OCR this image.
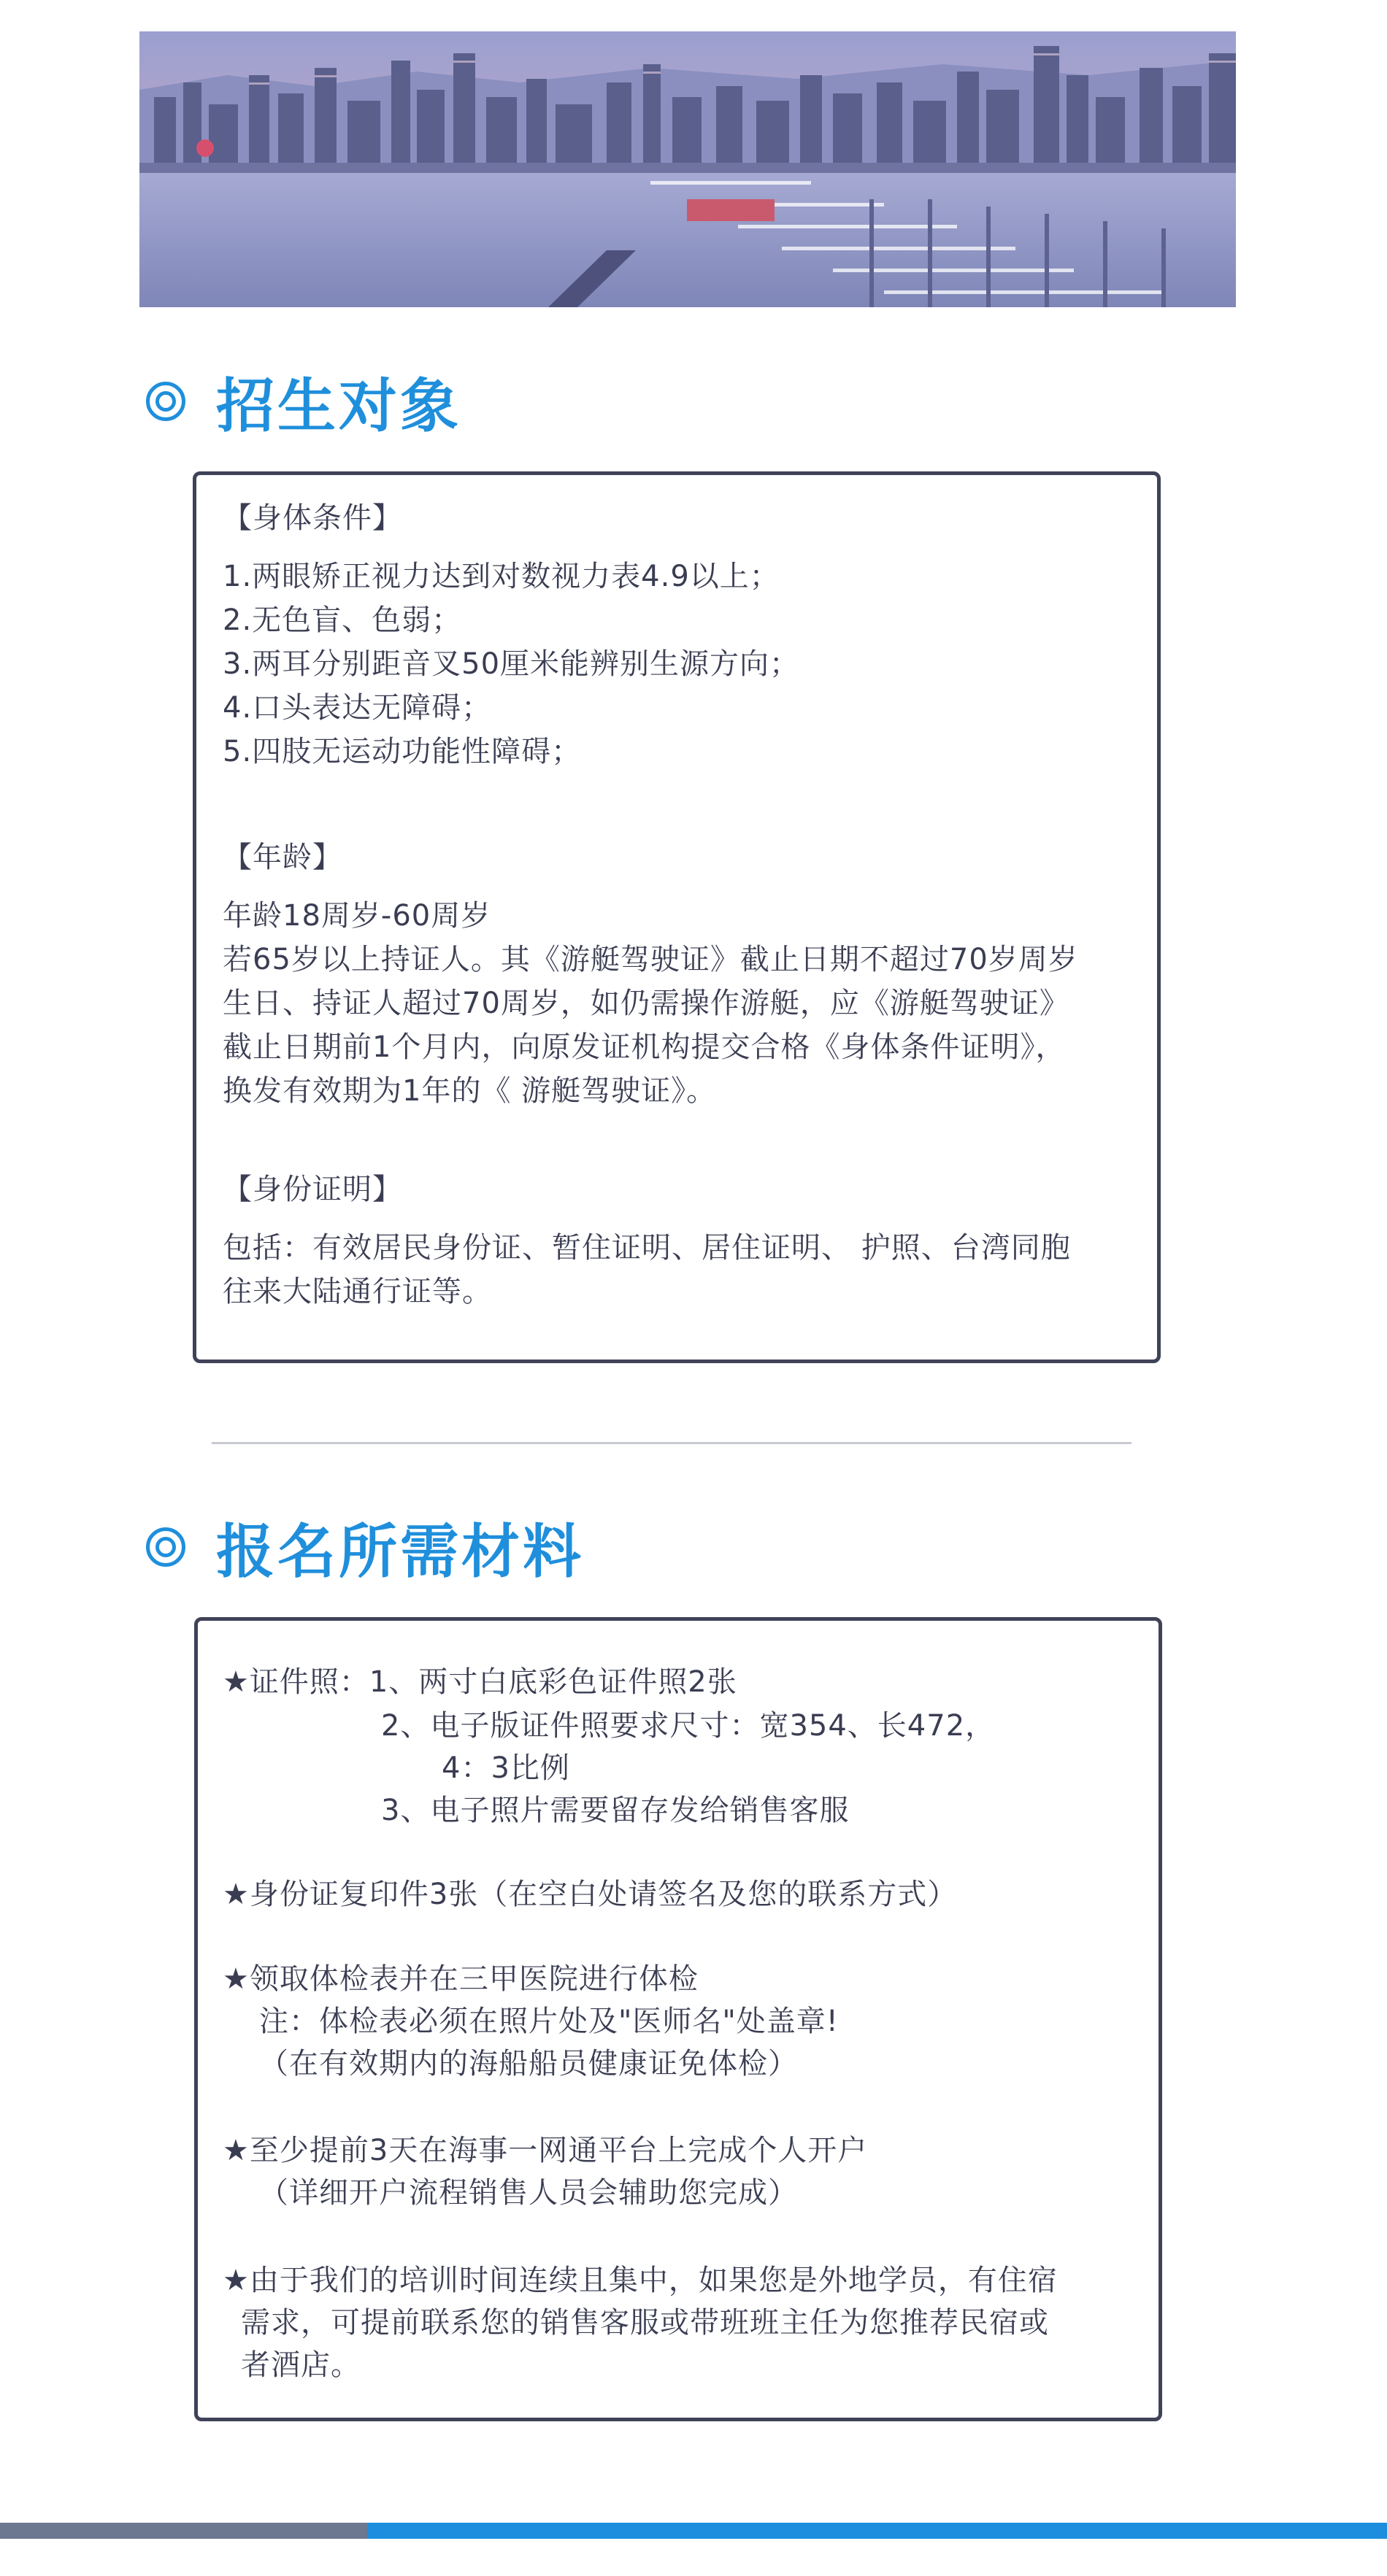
招生对象
【身体条件】
1.两眼矫正视力达到对数视力表4.9以上；
2.无色盲、色弱；
3.两耳分别距音叉50厘米能辨别生源方向；
4.口头表达无障碍；
5.四肢无运动功能性障碍；
【年龄】
年龄18周岁-60周岁
若65岁以上持证人。其《游艇驾驶证》截止日期不超过70岁周岁
生日、持证人超过70周岁，如仍需操作游艇，应《游艇驾驶证》
截止日期前1个月内，向原发证机构提交合格《身体条件证明》，
换发有效期为1年的《 游艇驾驶证》。
【身份证明】
包括：有效居民身份证、暂住证明、居住证明、 护照、台湾同胞
往来大陆通行证等。
报名所需材料
★证件照：1、两寸白底彩色证件照2张
2、电子版证件照要求尺寸：宽354、长472，
4：3比例
3、电子照片需要留存发给销售客服
★身份证复印件3张（在空白处请签名及您的联系方式）
★领取体检表并在三甲医院进行体检
注：体检表必须在照片处及"医师名"处盖章!
（在有效期内的海船船员健康证免体检）
★至少提前3天在海事一网通平台上完成个人开户
（详细开户流程销售人员会辅助您完成）
★由于我们的培训时间连续且集中，如果您是外地学员，有住宿
需求，可提前联系您的销售客服或带班班主任为您推荐民宿或
者酒店。
